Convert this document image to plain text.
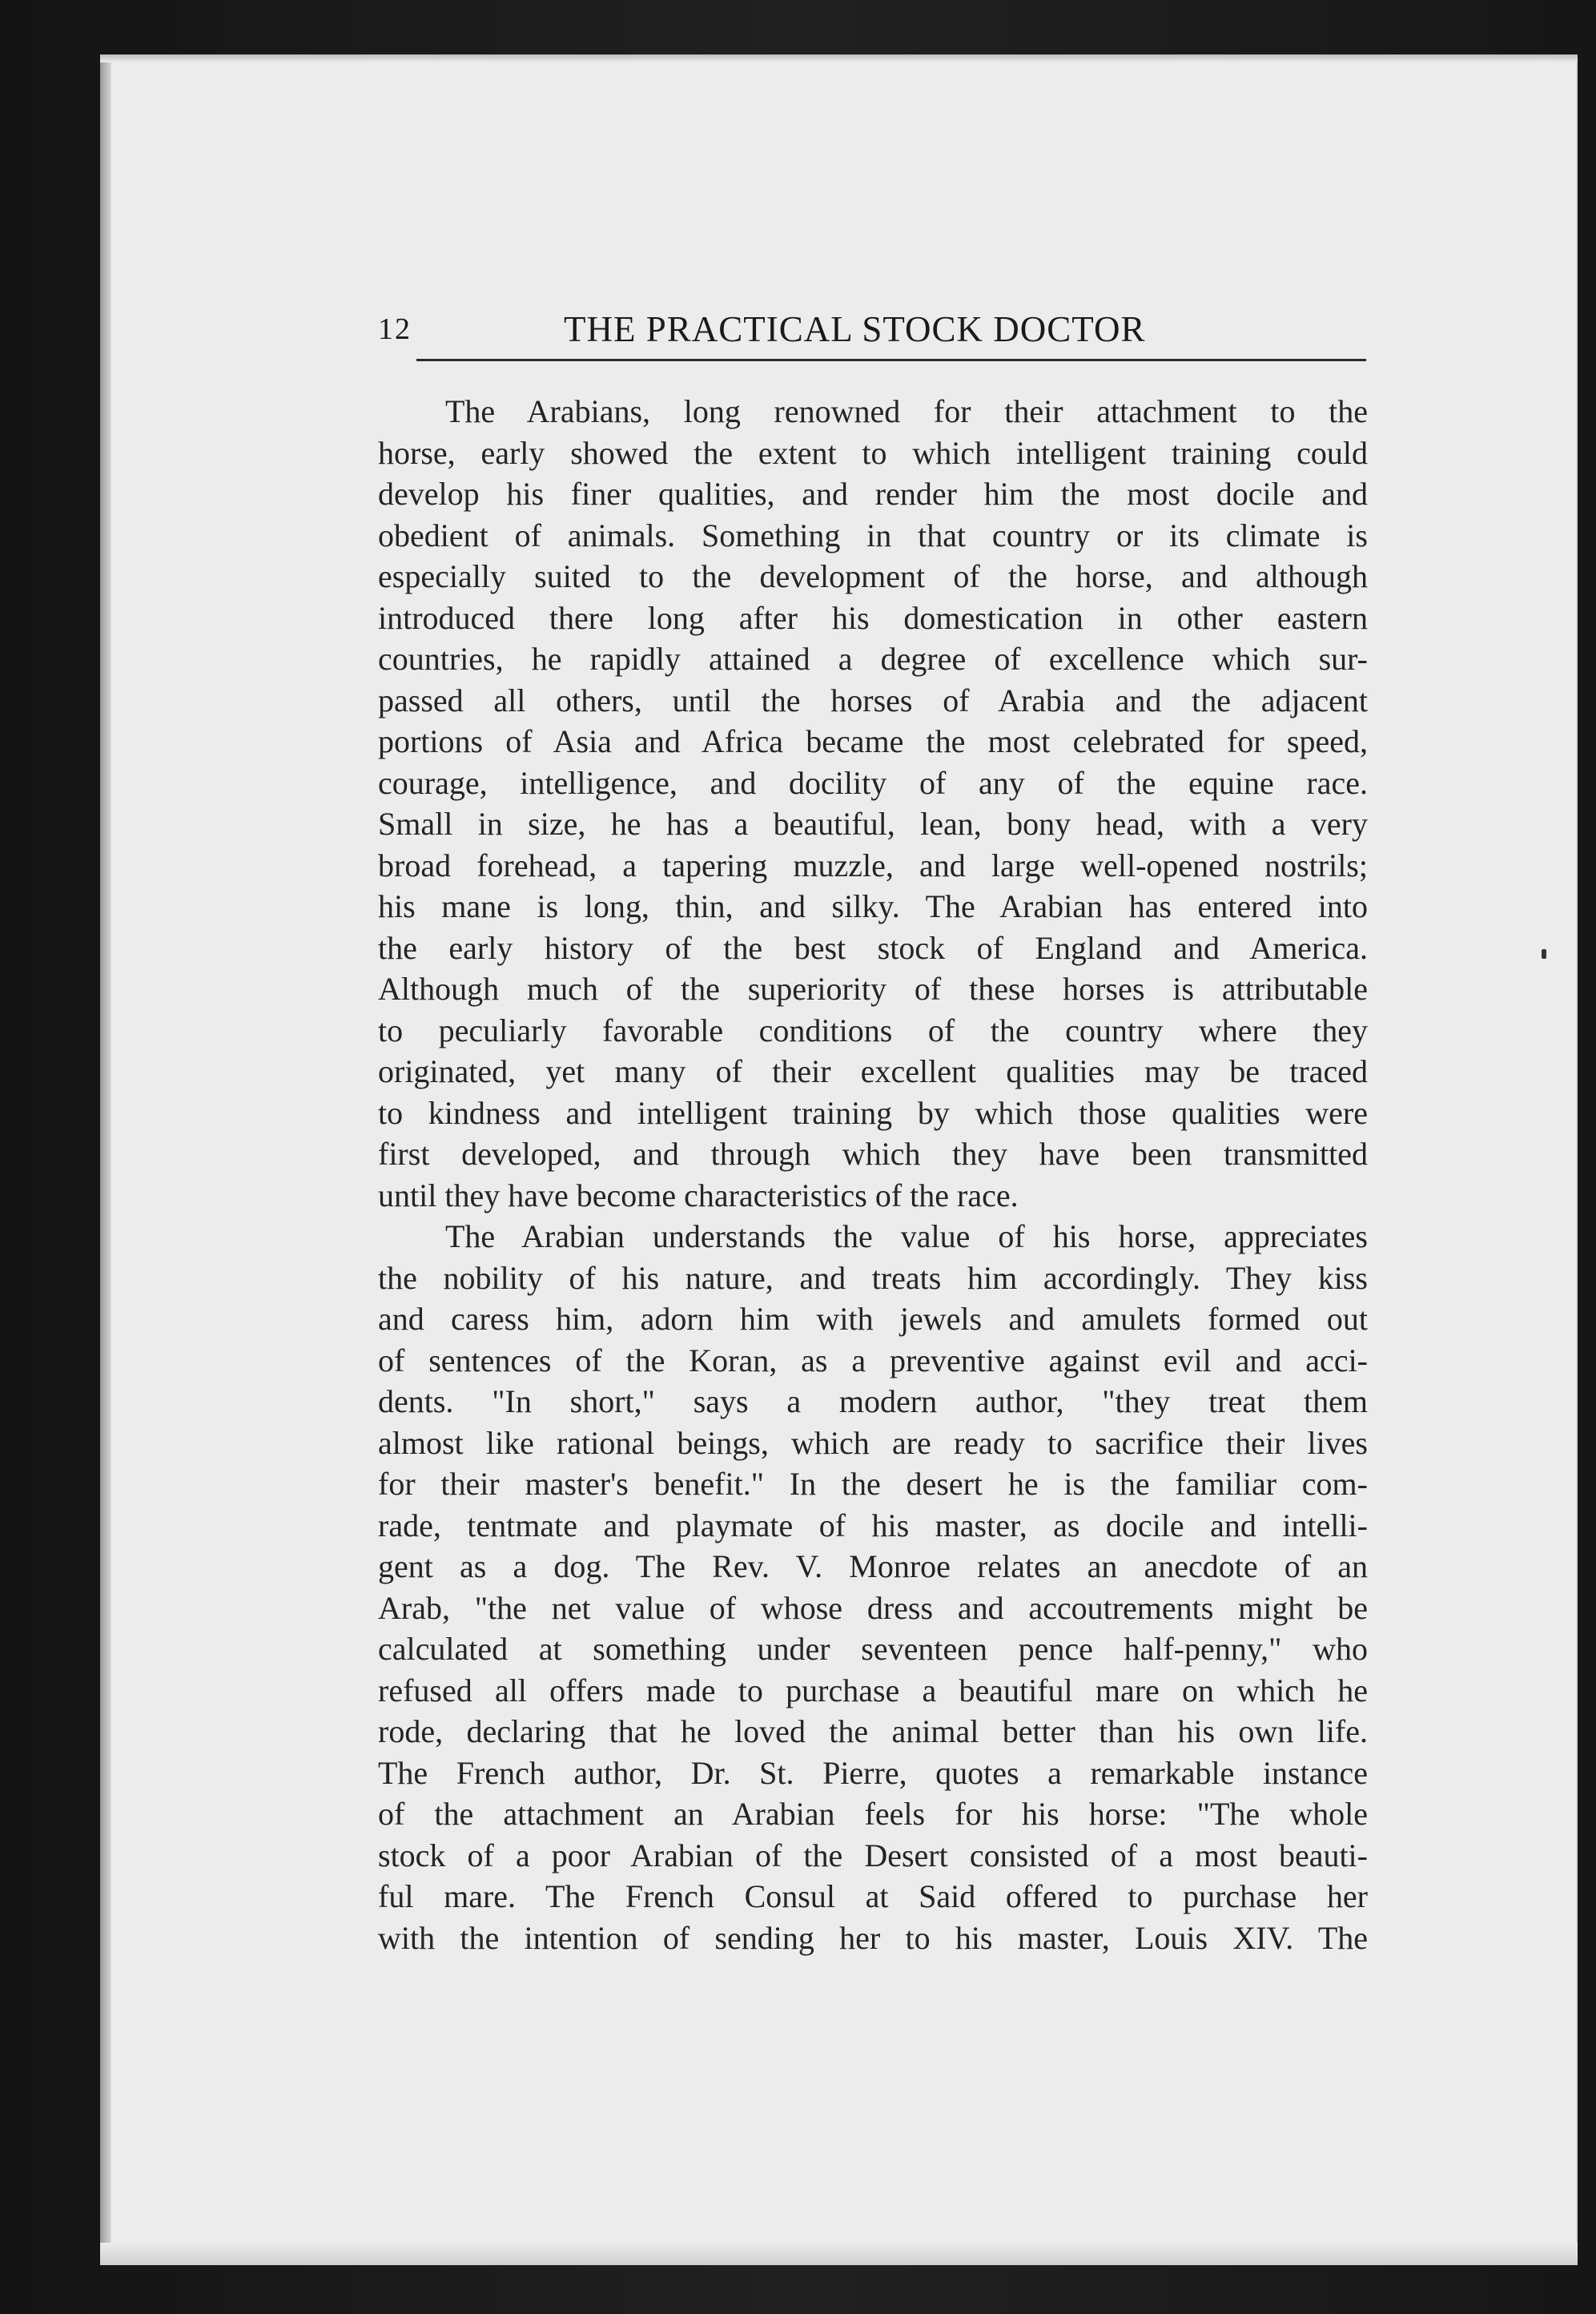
12	THE PRACTICAL STOCK DOCTOR
The Arabians, long renowned for their attachment to the
horse, early showed the extent to which intelligent training could
develop his finer qualities, and render him the most docile and
obedient of animals. Something in that country or its climate is
especially suited to the development of the horse, and although
introduced there long after his domestication in other eastern
countries, he rapidly attained a degree of excellence which sur-
passed all others, until the horses of Arabia and the adjacent
portions of Asia and Africa became the most celebrated for speed,
courage, intelligence, and docility of any of the equine race.
Small in size, he has a beautiful, lean, bony head, with a very
broad forehead, a tapering muzzle, and large well-opened nostrils;
his mane is long, thin, and silky. The Arabian has entered into
the early history of the best stock of England and America.
Although much of the superiority of these horses is attributable
to peculiarly favorable conditions of the country where they
originated, yet many of their excellent qualities may be traced
to kindness and intelligent training by which those qualities were
first developed, and through which they have been transmitted
until they have become characteristics of the race.
The Arabian understands the value of his horse, appreciates
the nobility of his nature, and treats him accordingly. They kiss
and caress him, adorn him with jewels and amulets formed out
of sentences of the Koran, as a preventive against evil and acci-
dents. "In short," says a modern author, "they treat them
almost like rational beings, which are ready to sacrifice their lives
for their master's benefit." In the desert he is the familiar com-
rade, tentmate and playmate of his master, as docile and intelli-
gent as a dog. The Rev. V. Monroe relates an anecdote of an
Arab, "the net value of whose dress and accoutrements might be
calculated at something under seventeen pence half-penny," who
refused all offers made to purchase a beautiful mare on which he
rode, declaring that he loved the animal better than his own life.
The French author, Dr. St. Pierre, quotes a remarkable instance
of the attachment an Arabian feels for his horse: "The whole
stock of a poor Arabian of the Desert consisted of a most beauti-
ful mare. The French Consul at Said offered to purchase her
with the intention of sending her to his master, Louis XIV. The
